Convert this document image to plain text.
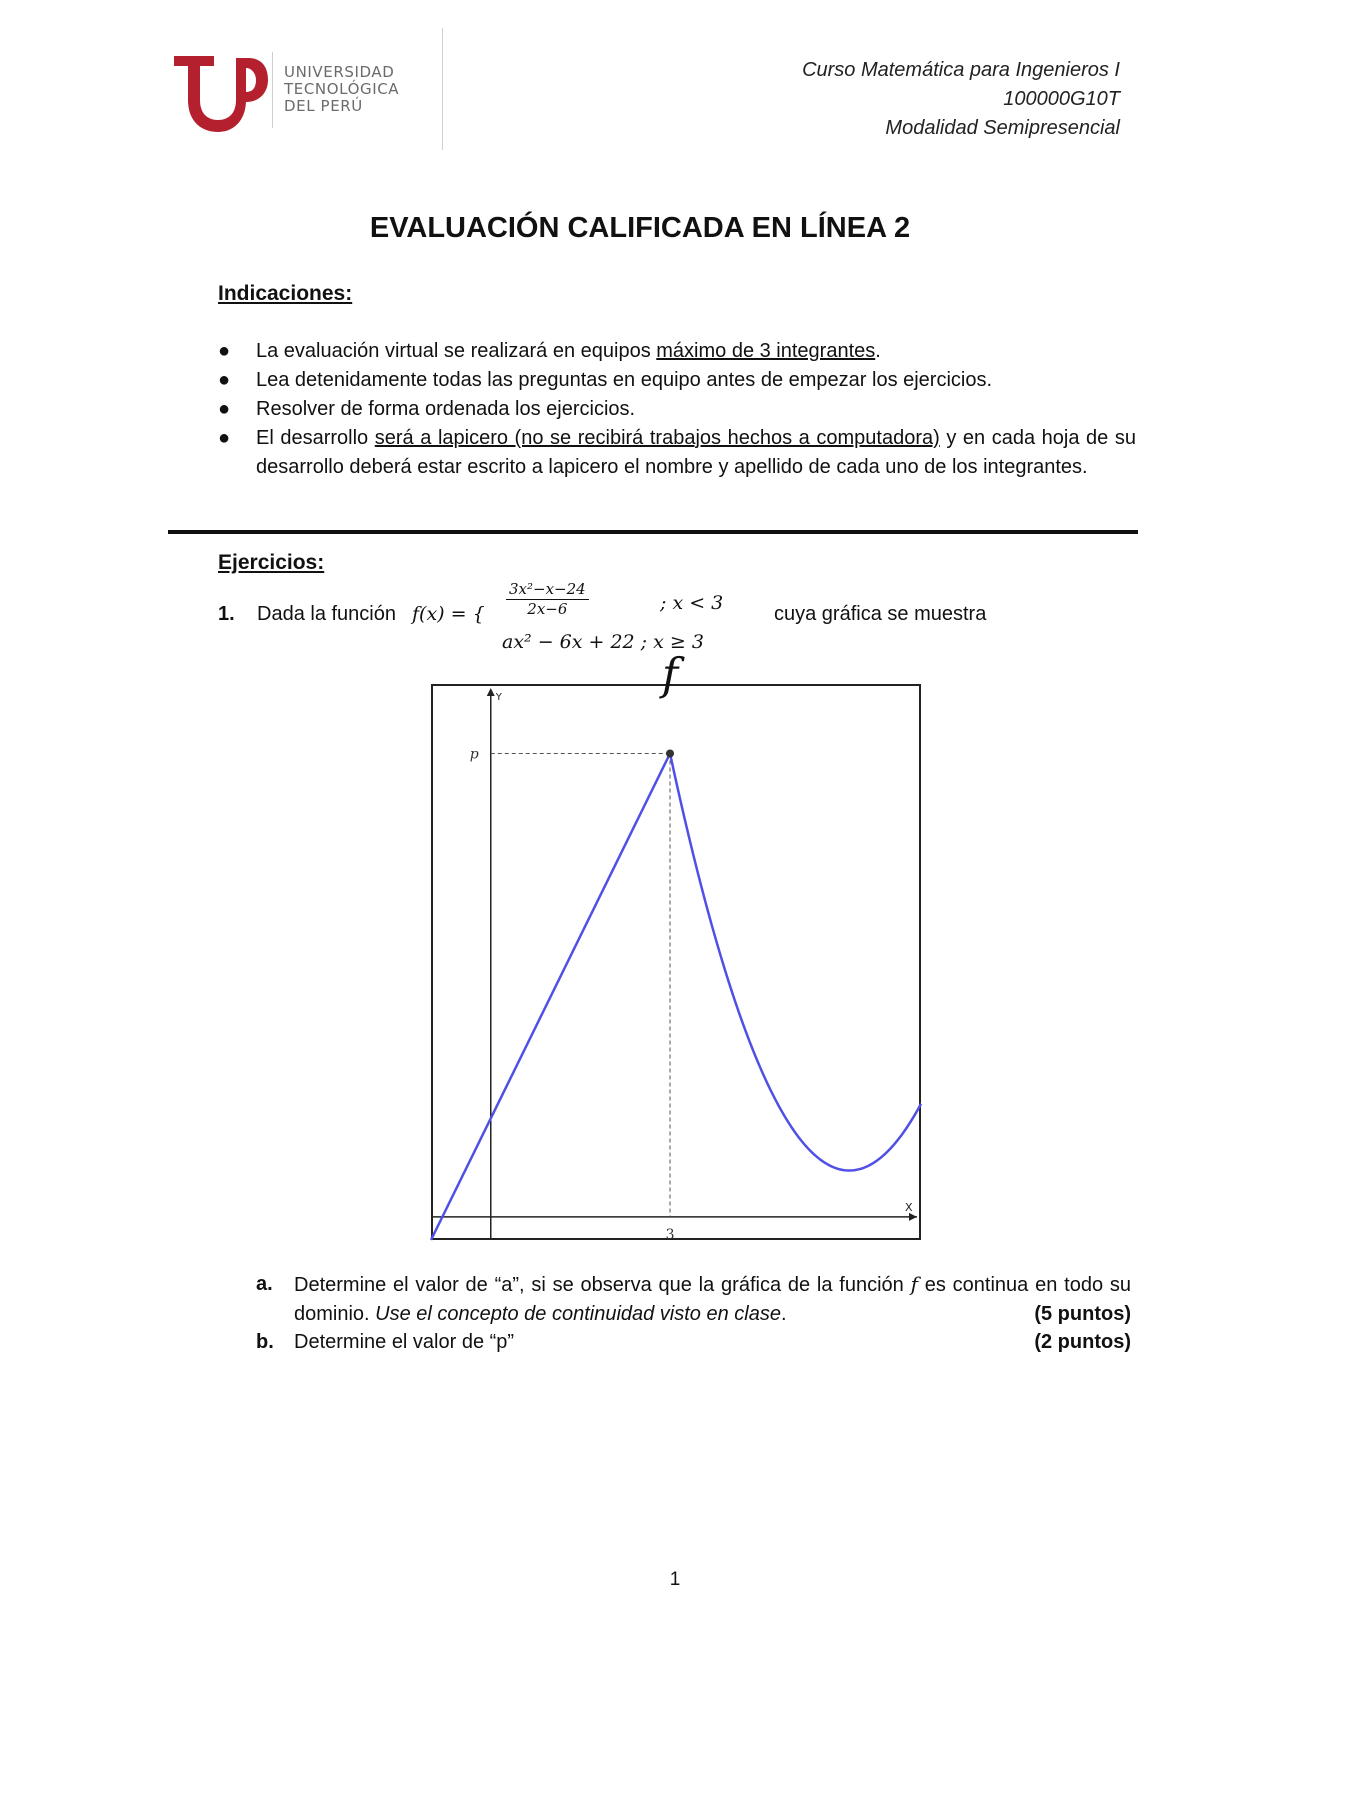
UNIVERSIDAD
TECNOLÓGICA
DEL PERÚ
Curso Matemática para Ingenieros I
100000G10T
Modalidad Semipresencial
EVALUACIÓN CALIFICADA EN LÍNEA 2
Indicaciones:
● La evaluación virtual se realizará en equipos máximo de 3 integrantes.
● Lea detenidamente todas las preguntas en equipo antes de empezar los ejercicios.
● Resolver de forma ordenada los ejercicios.
● El desarrollo será a lapicero (no se recibirá trabajos hechos a computadora) y en cada hoja de su desarrollo deberá estar escrito a lapicero el nombre y apellido de cada uno de los integrantes.
Ejercicios:
1. Dada la función f(x) = { $\frac{\text{3x²−x−24}}{2x-6}$	; x < 3
ax² − 6x + 22 ; x ≥ 3
cuya gráfica se muestra
X
Y
3
p
f
a. Determine el valor de “a”, si se observa que la gráfica de la función f es continua en todo su dominio. Use el concepto de continuidad visto en clase.	(5 puntos)
b. Determine el valor de “p”	(2 puntos)
1
